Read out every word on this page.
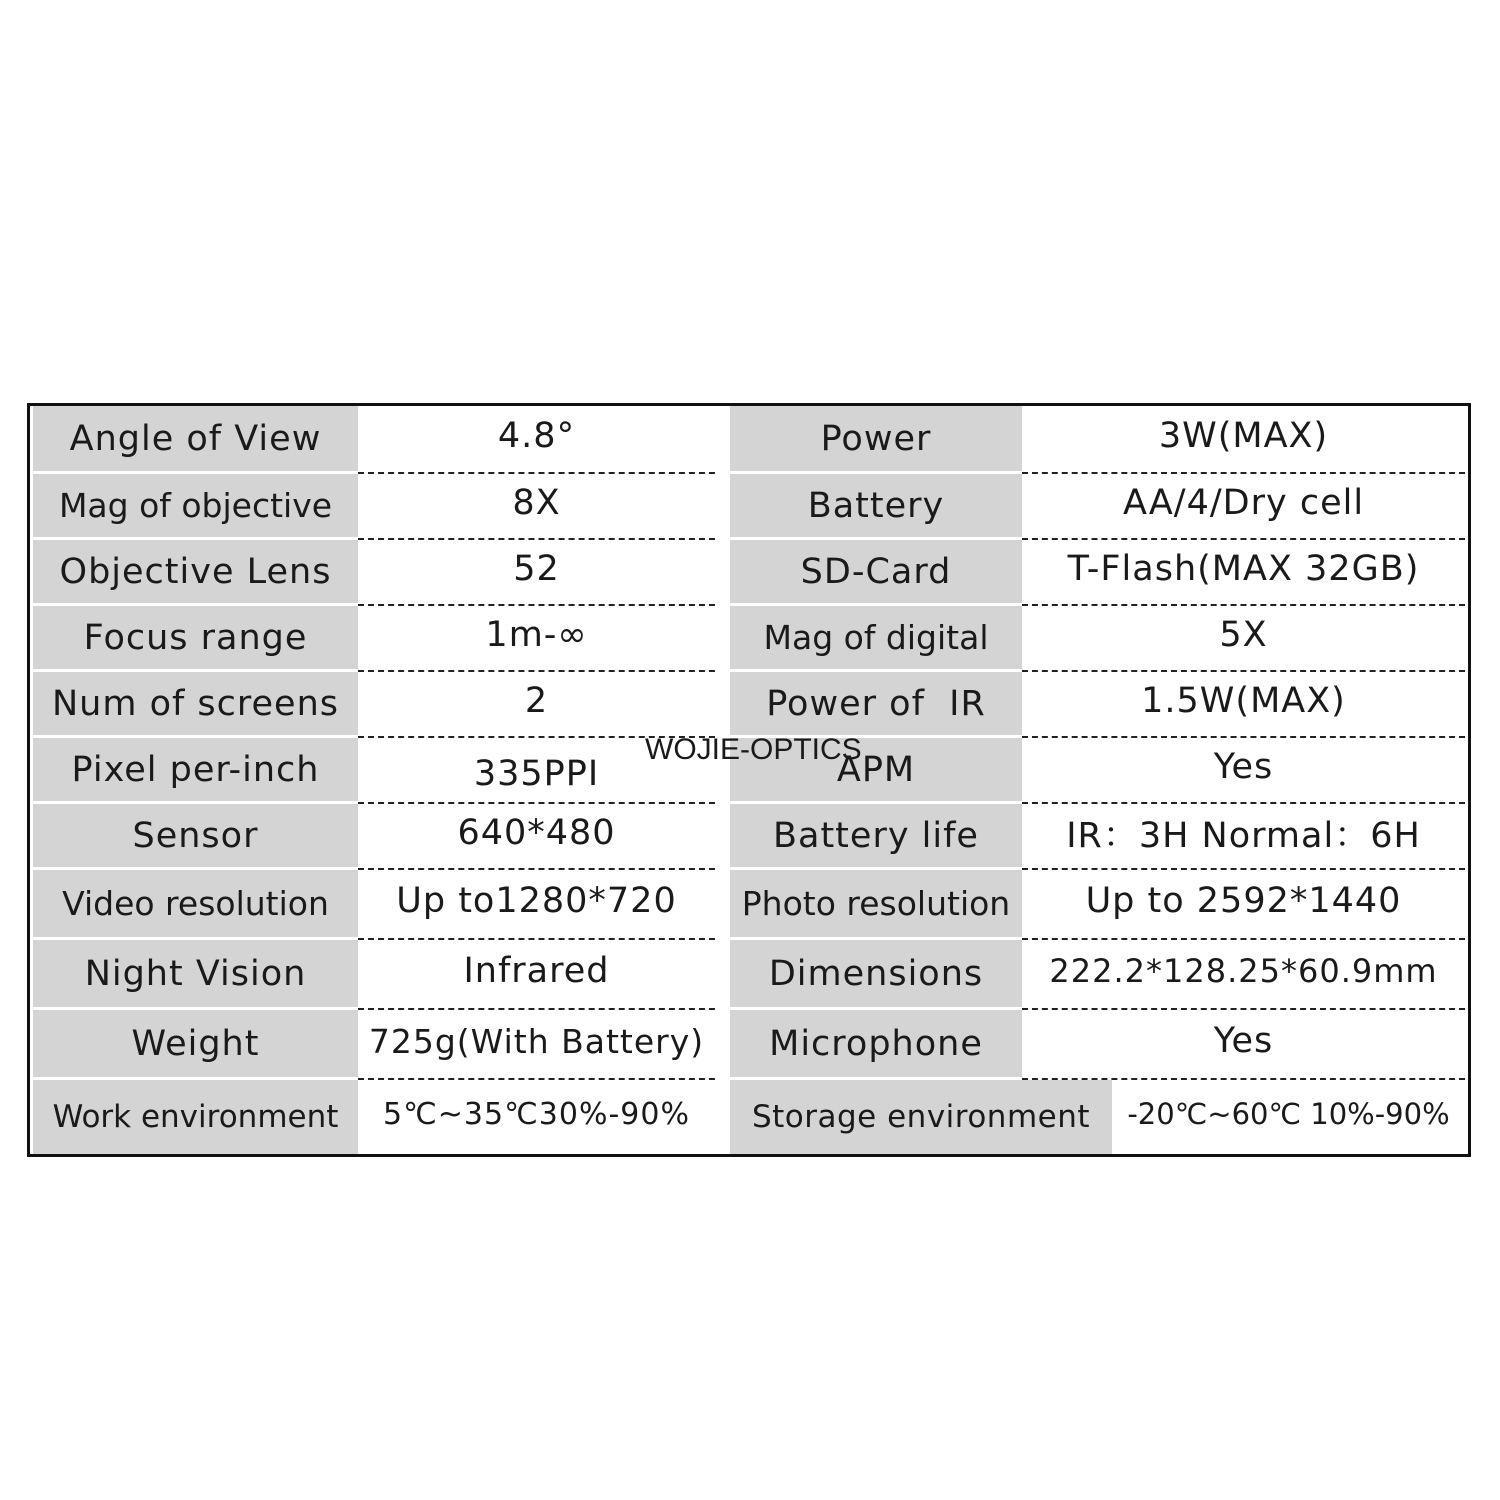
Angle of View	4.8°	Power	3W(MAX)
Mag of objective	8X	Battery	AA/4/Dry cell
Objective Lens	52	SD-Card	T-Flash(MAX 32GB)
Focus range	1m-∞	Mag of digital	5X
Num of screens	2	Power of  IR	1.5W(MAX)
Pixel per-inch	335PPI	APM	Yes
Sensor	640*480	Battery life	IR：3H Normal：6H
Video resolution	Up to1280*720	Photo resolution	Up to 2592*1440
Night Vision	Infrared	Dimensions	222.2*128.25*60.9mm
Weight	725g(With Battery)	Microphone	Yes
Work environment	5℃~35℃30%-90%	Storage environment	-20℃~60℃ 10%-90%
WOJIE-OPTICS
